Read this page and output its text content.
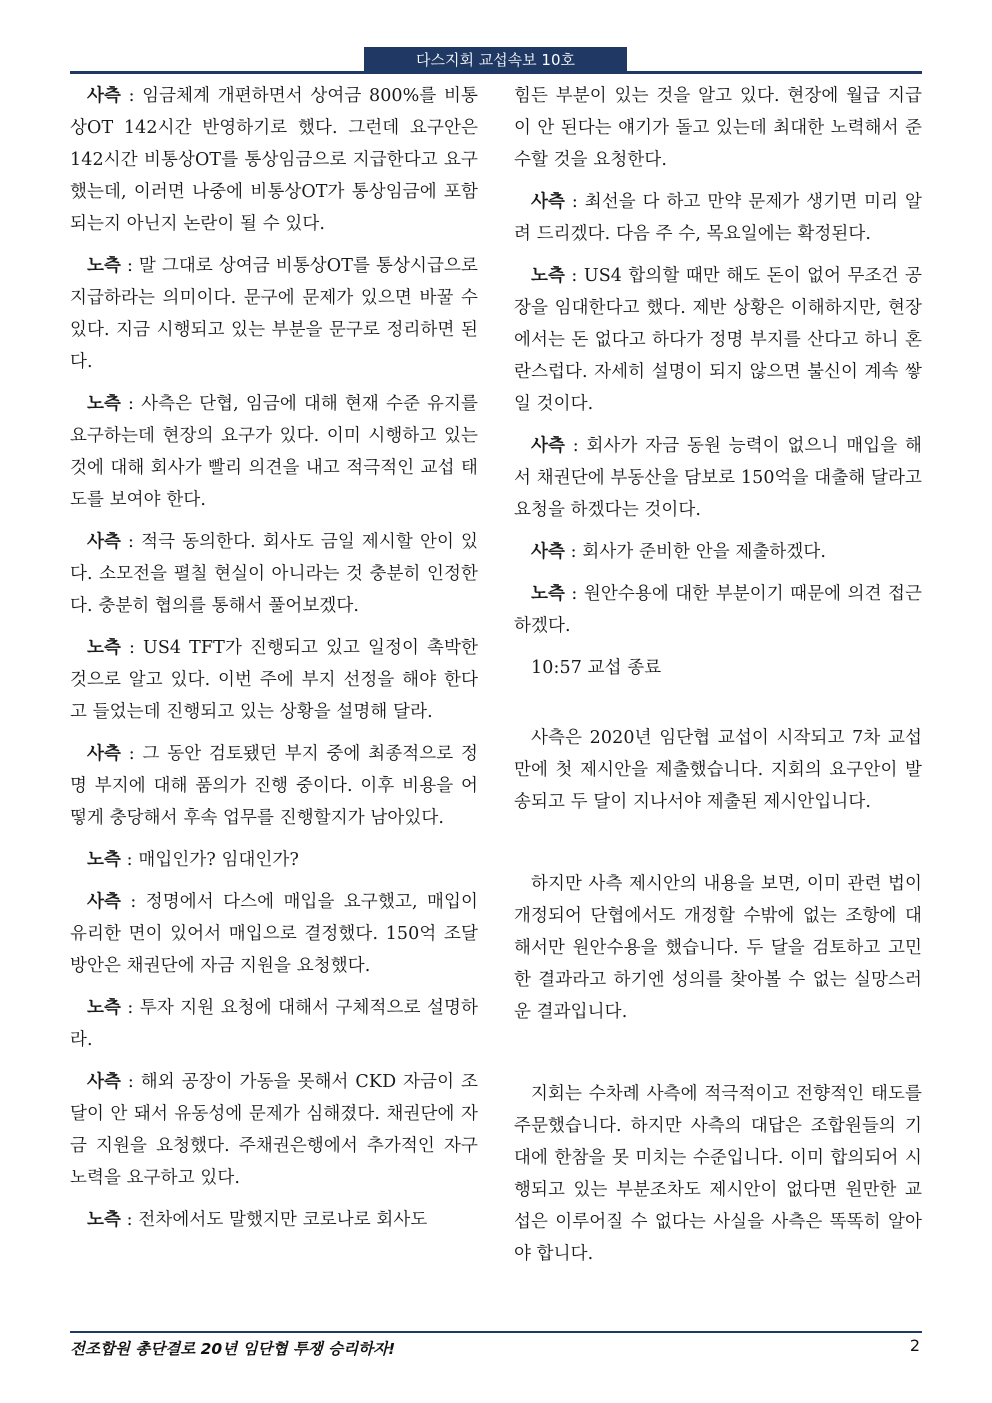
다스지회 교섭속보 10호

사측 : 임금체계 개편하면서 상여금 800%를 비통상OT 142시간 반영하기로 했다. 그런데 요구안은 142시간 비통상OT를 통상임금으로 지급한다고 요구했는데, 이러면 나중에 비통상OT가 통상임금에 포함되는지 아닌지 논란이 될 수 있다.

노측 : 말 그대로 상여금 비통상OT를 통상시급으로 지급하라는 의미이다. 문구에 문제가 있으면 바꿀 수 있다. 지금 시행되고 있는 부분을 문구로 정리하면 된다.

노측 : 사측은 단협, 임금에 대해 현재 수준 유지를 요구하는데 현장의 요구가 있다. 이미 시행하고 있는 것에 대해 회사가 빨리 의견을 내고 적극적인 교섭 태도를 보여야 한다.

사측 : 적극 동의한다. 회사도 금일 제시할 안이 있다. 소모전을 펼칠 현실이 아니라는 것 충분히 인정한다. 충분히 협의를 통해서 풀어보겠다.

노측 : US4 TFT가 진행되고 있고 일정이 촉박한 것으로 알고 있다. 이번 주에 부지 선정을 해야 한다고 들었는데 진행되고 있는 상황을 설명해 달라.

사측 : 그 동안 검토됐던 부지 중에 최종적으로 정명 부지에 대해 품의가 진행 중이다. 이후 비용을 어떻게 충당해서 후속 업무를 진행할지가 남아있다.

노측 : 매입인가? 임대인가?

사측 : 정명에서 다스에 매입을 요구했고, 매입이 유리한 면이 있어서 매입으로 결정했다. 150억 조달 방안은 채권단에 자금 지원을 요청했다.

노측 : 투자 지원 요청에 대해서 구체적으로 설명하라.

사측 : 해외 공장이 가동을 못해서 CKD 자금이 조달이 안 돼서 유동성에 문제가 심해졌다. 채권단에 자금 지원을 요청했다. 주채권은행에서 추가적인 자구노력을 요구하고 있다.

노측 : 전차에서도 말했지만 코로나로 회사도

힘든 부분이 있는 것을 알고 있다. 현장에 월급 지급이 안 된다는 얘기가 돌고 있는데 최대한 노력해서 준수할 것을 요청한다.

사측 : 최선을 다 하고 만약 문제가 생기면 미리 알려 드리겠다. 다음 주 수, 목요일에는 확정된다.

노측 : US4 합의할 때만 해도 돈이 없어 무조건 공장을 임대한다고 했다. 제반 상황은 이해하지만, 현장에서는 돈 없다고 하다가 정명 부지를 산다고 하니 혼란스럽다. 자세히 설명이 되지 않으면 불신이 계속 쌓일 것이다.

사측 : 회사가 자금 동원 능력이 없으니 매입을 해서 채권단에 부동산을 담보로 150억을 대출해 달라고 요청을 하겠다는 것이다.

사측 : 회사가 준비한 안을 제출하겠다.

노측 : 원안수용에 대한 부분이기 때문에 의견 접근 하겠다.

10:57 교섭 종료

사측은 2020년 임단협 교섭이 시작되고 7차 교섭 만에 첫 제시안을 제출했습니다. 지회의 요구안이 발송되고 두 달이 지나서야 제출된 제시안입니다.

하지만 사측 제시안의 내용을 보면, 이미 관련 법이 개정되어 단협에서도 개정할 수밖에 없는 조항에 대해서만 원안수용을 했습니다. 두 달을 검토하고 고민한 결과라고 하기엔 성의를 찾아볼 수 없는 실망스러운 결과입니다.

지회는 수차례 사측에 적극적이고 전향적인 태도를 주문했습니다. 하지만 사측의 대답은 조합원들의 기대에 한참을 못 미치는 수준입니다. 이미 합의되어 시행되고 있는 부분조차도 제시안이 없다면 원만한 교섭은 이루어질 수 없다는 사실을 사측은 똑똑히 알아야 합니다.

전조합원 총단결로 20년 임단협 투쟁 승리하자!	2
